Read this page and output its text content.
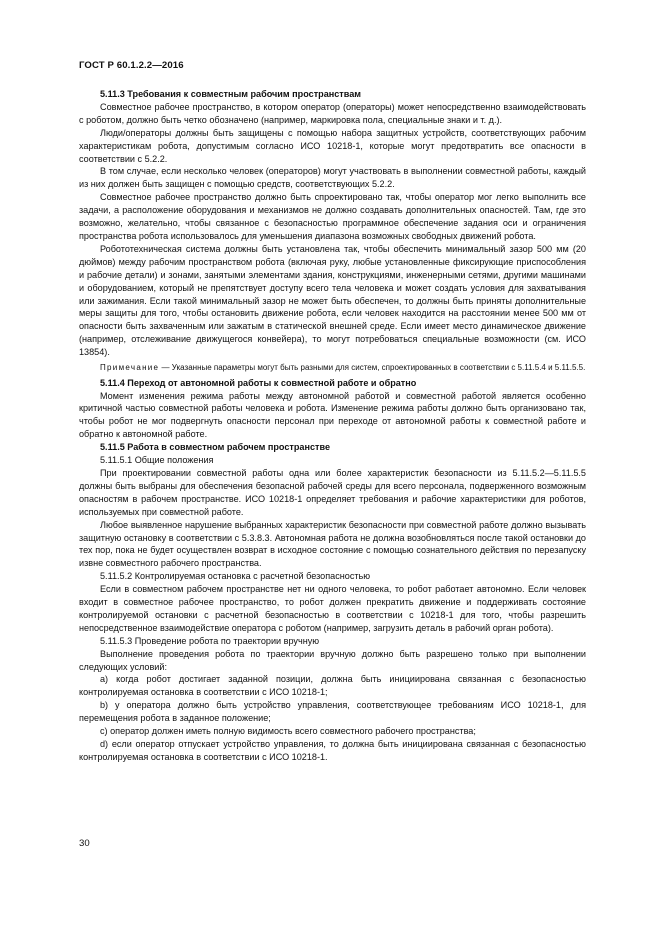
ГОСТ Р 60.1.2.2—2016

5.11.3 Требования к совместным рабочим пространствам

Совместное рабочее пространство, в котором оператор (операторы) может непосредственно взаимодействовать с роботом, должно быть четко обозначено (например, маркировка пола, специальные знаки и т. д.).

Люди/операторы должны быть защищены с помощью набора защитных устройств, соответствующих рабочим характеристикам робота, допустимым согласно ИСО 10218-1, которые могут предотвратить все опасности в соответствии с 5.2.2.

В том случае, если несколько человек (операторов) могут участвовать в выполнении совместной работы, каждый из них должен быть защищен с помощью средств, соответствующих 5.2.2.

Совместное рабочее пространство должно быть спроектировано так, чтобы оператор мог легко выполнить все задачи, а расположение оборудования и механизмов не должно создавать дополнительных опасностей. Там, где это возможно, желательно, чтобы связанное с безопасностью программное обеспечение задания оси и ограничения пространства робота использовалось для уменьшения диапазона возможных свободных движений робота.

Робототехническая система должны быть установлена так, чтобы обеспечить минимальный зазор 500 мм (20 дюймов) между рабочим пространством робота (включая руку, любые установленные фиксирующие приспособления и рабочие детали) и зонами, занятыми элементами здания, конструкциями, инженерными сетями, другими машинами и оборудованием, который не препятствует доступу всего тела человека и может создать условия для захватывания или зажимания. Если такой минимальный зазор не может быть обеспечен, то должны быть приняты дополнительные меры защиты для того, чтобы остановить движение робота, если человек находится на расстоянии менее 500 мм от опасности быть захваченным или зажатым в статической внешней среде. Если имеет место динамическое движение (например, отслеживание движущегося конвейера), то могут потребоваться специальные возможности (см. ИСО 13854).

Примечание — Указанные параметры могут быть разными для систем, спроектированных в соответствии с 5.11.5.4 и 5.11.5.5.

5.11.4 Переход от автономной работы к совместной работе и обратно

Момент изменения режима работы между автономной работой и совместной работой является особенно критичной частью совместной работы человека и робота. Изменение режима работы должно быть организовано так, чтобы робот не мог подвергнуть опасности персонал при переходе от автономной работы к совместной работе и обратно к автономной работе.

5.11.5 Работа в совместном рабочем пространстве

5.11.5.1 Общие положения

При проектировании совместной работы одна или более характеристик безопасности из 5.11.5.2—5.11.5.5 должны быть выбраны для обеспечения безопасной рабочей среды для всего персонала, подверженного возможным опасностям в рабочем пространстве. ИСО 10218-1 определяет требования и рабочие характеристики для роботов, используемых при совместной работе.

Любое выявленное нарушение выбранных характеристик безопасности при совместной работе должно вызывать защитную остановку в соответствии с 5.3.8.3. Автономная работа не должна возобновляться после такой остановки до тех пор, пока не будет осуществлен возврат в исходное состояние с помощью сознательного действия по перезапуску извне совместного рабочего пространства.

5.11.5.2 Контролируемая остановка с расчетной безопасностью

Если в совместном рабочем пространстве нет ни одного человека, то робот работает автономно. Если человек входит в совместное рабочее пространство, то робот должен прекратить движение и поддерживать состояние контролируемой остановки с расчетной безопасностью в соответствии с 10218-1 для того, чтобы разрешить непосредственное взаимодействие оператора с роботом (например, загрузить деталь в рабочий орган робота).

5.11.5.3 Проведение робота по траектории вручную

Выполнение проведения робота по траектории вручную должно быть разрешено только при выполнении следующих условий:

a) когда робот достигает заданной позиции, должна быть инициирована связанная с безопасностью контролируемая остановка в соответствии с ИСО 10218-1;

b) у оператора должно быть устройство управления, соответствующее требованиям ИСО 10218-1, для перемещения робота в заданное положение;

c) оператор должен иметь полную видимость всего совместного рабочего пространства;

d) если оператор отпускает устройство управления, то должна быть инициирована связанная с безопасностью контролируемая остановка в соответствии с ИСО 10218-1.

30
